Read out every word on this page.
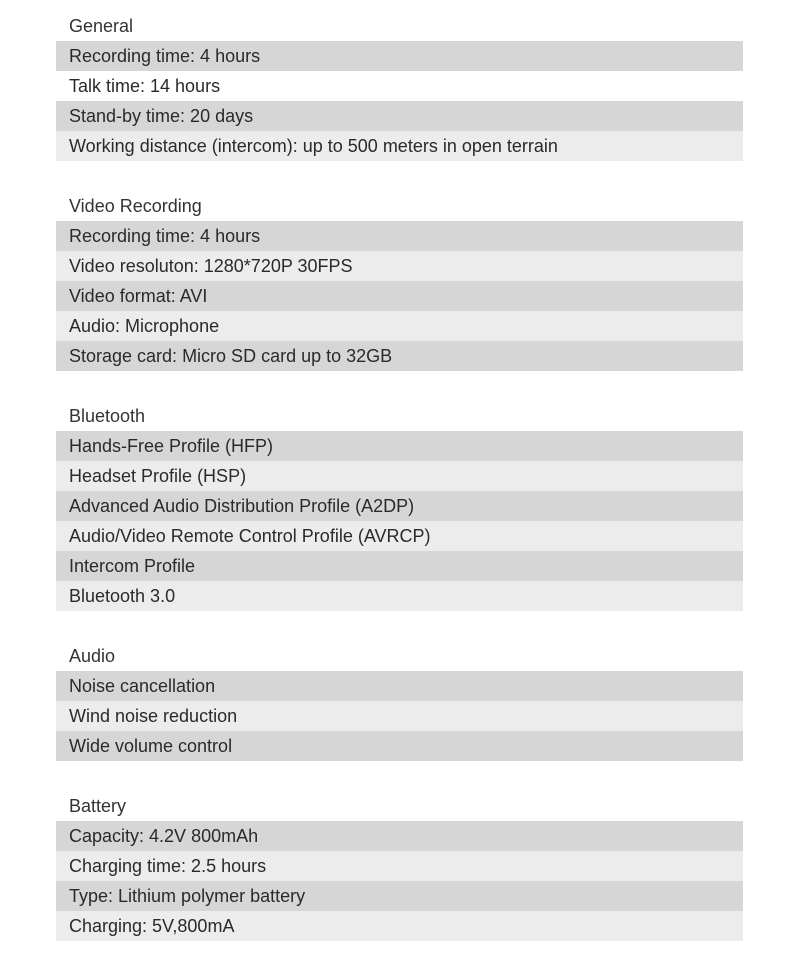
General
Recording time: 4 hours
Talk time: 14 hours
Stand-by time: 20 days
Working distance (intercom): up to 500 meters in open terrain
Video Recording
Recording time: 4 hours
Video resoluton: 1280*720P 30FPS
Video format: AVI
Audio: Microphone
Storage card: Micro SD card up to 32GB
Bluetooth
Hands-Free Profile (HFP)
Headset Profile (HSP)
Advanced Audio Distribution Profile (A2DP)
Audio/Video Remote Control Profile (AVRCP)
Intercom Profile
Bluetooth 3.0
Audio
Noise cancellation
Wind noise reduction
Wide volume control
Battery
Capacity: 4.2V 800mAh
Charging time: 2.5 hours
Type: Lithium polymer battery
Charging: 5V,800mA
